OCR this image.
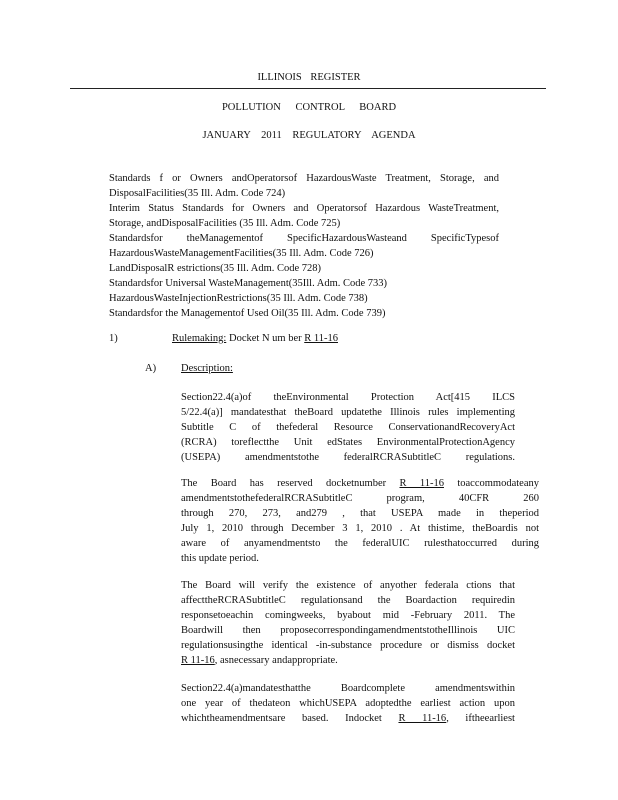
ILLINOIS REGISTER
POLLUTION CONTROL BOARD
JANUARY 2011 REGULATORY AGENDA
Standards f or Owners andOperatorsof HazardousWaste Treatment, Storage, and
DisposalFacilities(35 Ill. Adm. Code 724)
Interim Status Standards for Owners and Operatorsof Hazardous WasteTreatment,
Storage, andDisposalFacilities (35 Ill. Adm. Code 725)
Standardsfor theManagementof SpecificHazardousWasteand SpecificTypesof
HazardousWasteManagementFacilities(35 Ill. Adm. Code 726)
LandDisposalR estrictions(35 Ill. Adm. Code 728)
Standardsfor Universal WasteManagement(35Ill. Adm. Code 733)
HazardousWasteInjectionRestrictions(35 Ill. Adm. Code 738)
Standardsfor the Managementof Used Oil(35 Ill. Adm. Code 739)
1)	Rulemaking: Docket N um ber R 11-16
A) Description:
Section22.4(a)of theEnvironmental Protection Act[415 ILCS
5/22.4(a)] mandatesthat theBoard updatethe Illinois rules implementing
Subtitle C of thefederal Resource ConservationandRecoveryAct
(RCRA) toreflectthe Unit edStates EnvironmentalProtectionAgency
(USEPA) amendmentstothe federalRCRASubtitleC regulations.
The Board has reserved docketnumber R 11-16 toaccommodateany
amendmentstothefederalRCRASubtitleC program, 40CFR 260
through 270, 273, and279 , that USEPA made in theperiod
July 1, 2010 through December 3 1, 2010 . At thistime, theBoardis not
aware of anyamendmentsto the federalUIC rulesthatoccurred during
this update period.
The Board will verify the existence of anyother federala ctions that
affecttheRCRASubtitleC regulationsand the Boardaction requiredin
responsetoeachin comingweeks, byabout mid -February 2011. The
Boardwill then proposecorrespondingamendmentstotheIllinois UIC
regulationsusingthe identical -in-substance procedure or dismiss docket
R 11-16, asnecessary andappropriate.
Section22.4(a)mandatesthatthe Boardcomplete amendmentswithin
one year of thedateon whichUSEPA adoptedthe earliest action upon
whichtheamendmentsare based. Indocket R 11-16, iftheearliest
